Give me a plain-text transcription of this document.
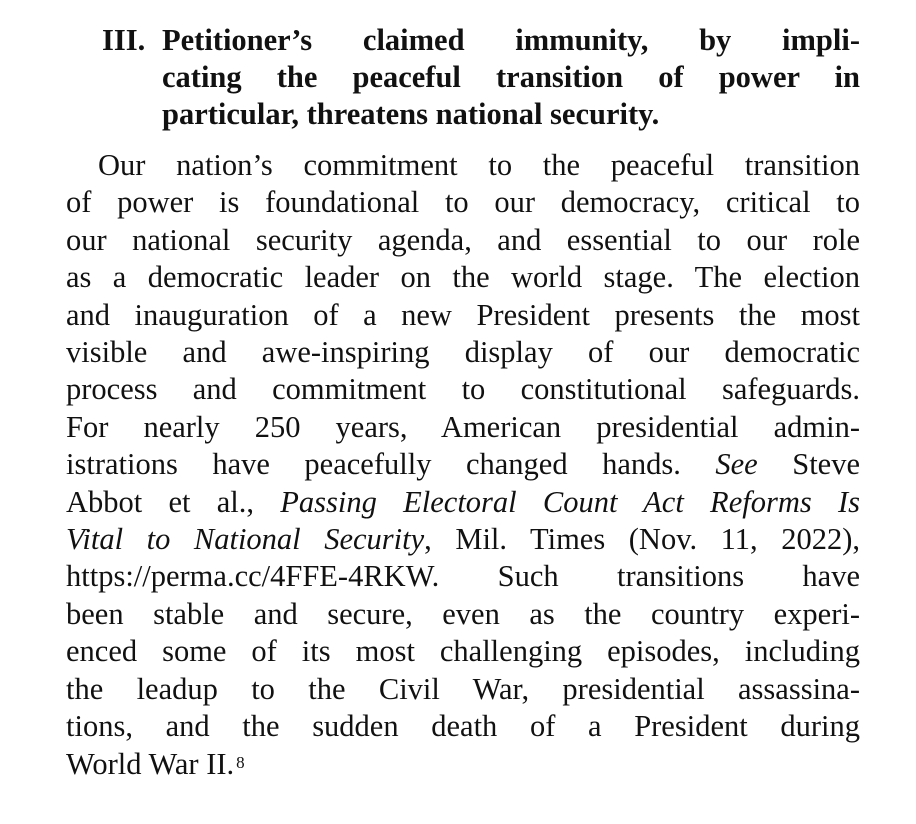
III. Petitioner’s claimed immunity, by impli-
cating the peaceful transition of power in
particular, threatens national security.
Our nation’s commitment to the peaceful transition
of power is foundational to our democracy, critical to
our national security agenda, and essential to our role
as a democratic leader on the world stage. The election
and inauguration of a new President presents the most
visible and awe-inspiring display of our democratic
process and commitment to constitutional safeguards.
For nearly 250 years, American presidential admin-
istrations have peacefully changed hands. See Steve
Abbot et al., Passing Electoral Count Act Reforms Is
Vital to National Security, Mil. Times (Nov. 11, 2022),
https://perma.cc/4FFE-4RKW. Such transitions have
been stable and secure, even as the country experi-
enced some of its most challenging episodes, including
the leadup to the Civil War, presidential assassina-
tions, and the sudden death of a President during
World War II. $^8$
